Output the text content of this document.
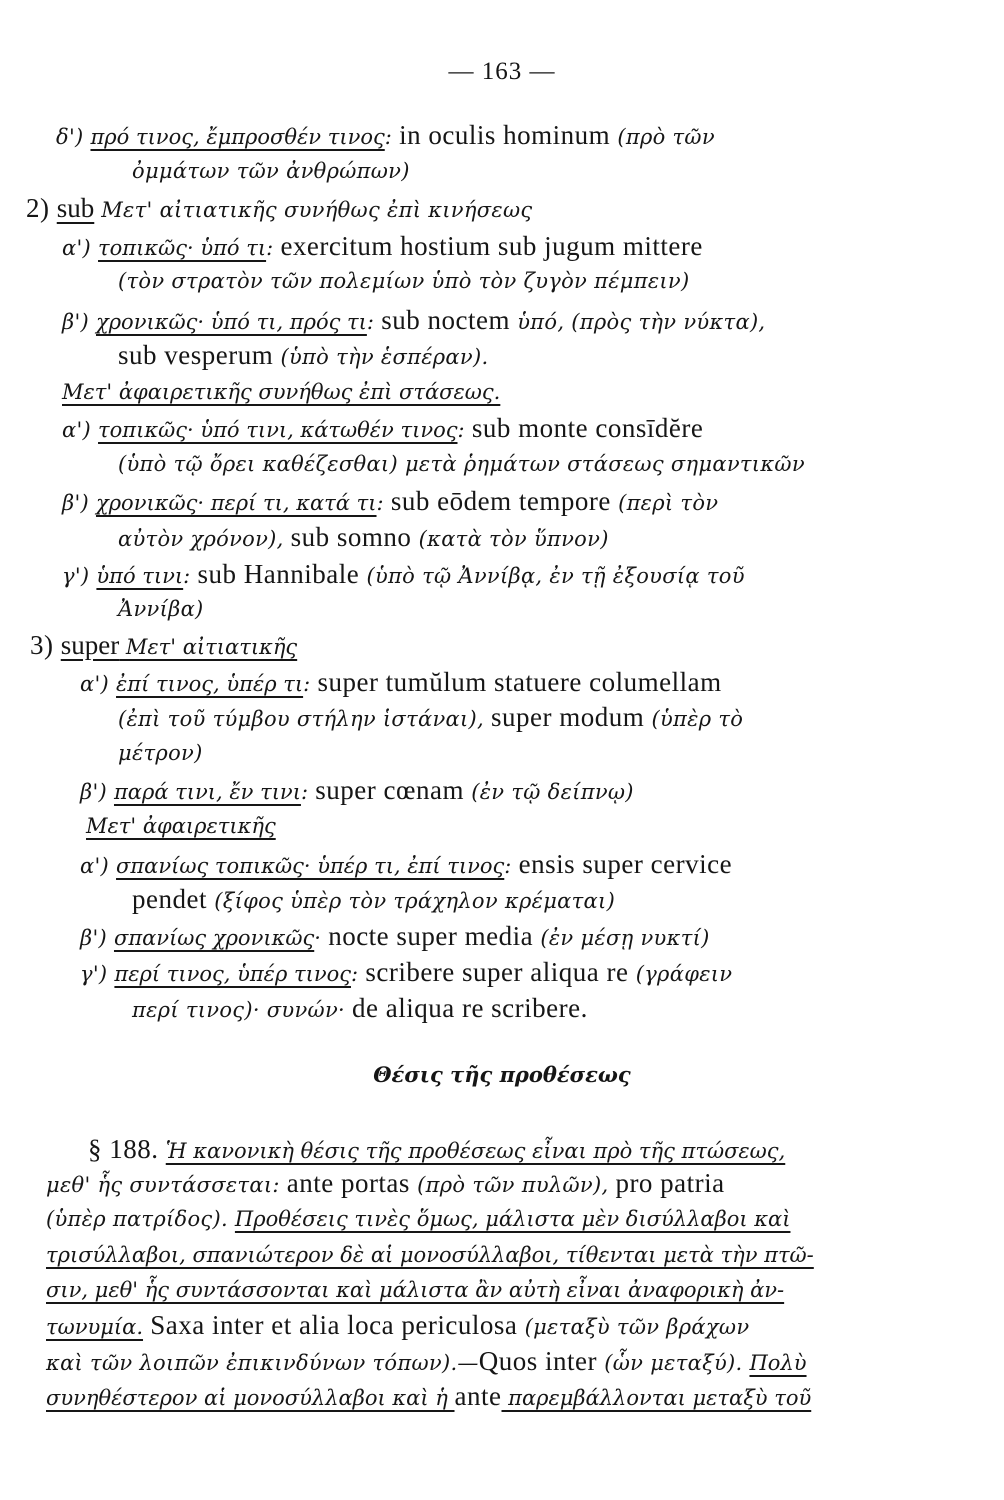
— 163 —
δ') πρό τινος, ἔμπροσθέν τινος: in oculis hominum (πρὸ τῶν
ὀμμάτων τῶν ἀνθρώπων)
2) sub Μετ' αἰτιατικῆς συνήθως ἐπὶ κινήσεως
α') τοπικῶς· ὑπό τι: exercitum hostium sub jugum mittere
(τὸν στρατὸν τῶν πολεμίων ὑπὸ τὸν ζυγὸν πέμπειν)
β') χρονικῶς· ὑπό τι, πρός τι: sub noctem ὑπό, (πρὸς τὴν νύκτα),
sub vesperum (ὑπὸ τὴν ἑσπέραν).
Μετ' ἀφαιρετικῆς συνήθως ἐπὶ στάσεως.
α') τοπικῶς· ὑπό τινι, κάτωθέν τινος: sub monte consīdĕre
(ὑπὸ τῷ ὄρει καθέζεσθαι) μετὰ ῥημάτων στάσεως σημαντικῶν
β') χρονικῶς· περί τι, κατά τι: sub eōdem tempore (περὶ τὸν
αὐτὸν χρόνον), sub somno (κατὰ τὸν ὕπνον)
γ') ὑπό τινι: sub Hannibale (ὑπὸ τῷ Ἀννίβᾳ, ἐν τῇ ἐξουσίᾳ τοῦ
Ἀννίβα)
3) super Μετ' αἰτιατικῆς
α') ἐπί τινος, ὑπέρ τι: super tumŭlum statuere columellam
(ἐπὶ τοῦ τύμβου στήλην ἱστάναι), super modum (ὑπὲρ τὸ
μέτρον)
β') παρά τινι, ἔν τινι: super cœnam (ἐν τῷ δείπνῳ)
Μετ' ἀφαιρετικῆς
α') σπανίως τοπικῶς· ὑπέρ τι, ἐπί τινος: ensis super cervice
pendet (ξίφος ὑπὲρ τὸν τράχηλον κρέμαται)
β') σπανίως χρονικῶς· nocte super media (ἐν μέσῃ νυκτί)
γ') περί τινος, ὑπέρ τινος: scribere super aliqua re (γράφειν
περί τινος)· συνών· de aliqua re scribere.
Θέσις τῆς προθέσεως
§ 188. Ἡ κανονικὴ θέσις τῆς προθέσεως εἶναι πρὸ τῆς πτώσεως,
μεθ' ἧς συντάσσεται: ante portas (πρὸ τῶν πυλῶν), pro patria
(ὑπὲρ πατρίδος). Προθέσεις τινὲς ὅμως, μάλιστα μὲν δισύλλαβοι καὶ
τρισύλλαβοι, σπανιώτερον δὲ αἱ μονοσύλλαβοι, τίθενται μετὰ τὴν πτῶ-
σιν, μεθ' ἧς συντάσσονται καὶ μάλιστα ἂν αὐτὴ εἶναι ἀναφορικὴ ἀν-
τωνυμία. Saxa inter et alia loca periculosa (μεταξὺ τῶν βράχων
καὶ τῶν λοιπῶν ἐπικινδύνων τόπων).—Quos inter (ὧν μεταξύ). Πολὺ
συνηθέστερον αἱ μονοσύλλαβοι καὶ ἡ ante παρεμβάλλονται μεταξὺ τοῦ
